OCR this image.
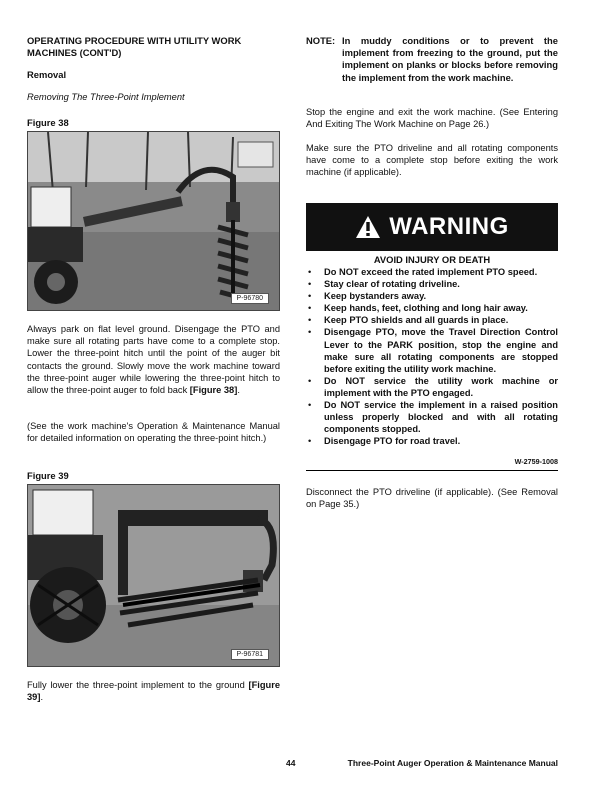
OPERATING PROCEDURE WITH UTILITY WORK MACHINES (CONT'D)

Removal

Removing The Three-Point Implement

Figure 38

P-96780

Always park on flat level ground. Disengage the PTO and make sure all rotating parts have come to a complete stop. Lower the three-point hitch until the point of the auger bit contacts the ground. Slowly move the work machine toward the three-point auger while lowering the three-point hitch to allow the three-point auger to fold back [Figure 38].

(See the work machine's Operation & Maintenance Manual for detailed information on operating the three-point hitch.)

Figure 39

P-96781

Fully lower the three-point implement to the ground [Figure 39].

NOTE: In muddy conditions or to prevent the implement from freezing to the ground, put the implement on planks or blocks before removing the implement from the work machine.

Stop the engine and exit the work machine. (See Entering And Exiting The Work Machine on Page 26.)

Make sure the PTO driveline and all rotating components have come to a complete stop before exiting the work machine (if applicable).

WARNING

AVOID INJURY OR DEATH

• Do NOT exceed the rated implement PTO speed.
• Stay clear of rotating driveline.
• Keep bystanders away.
• Keep hands, feet, clothing and long hair away.
• Keep PTO shields and all guards in place.
• Disengage PTO, move the Travel Direction Control Lever to the PARK position, stop the engine and make sure all rotating components are stopped before exiting the utility work machine.
• Do NOT service the utility work machine or implement with the PTO engaged.
• Do NOT service the implement in a raised position unless properly blocked and with all rotating components stopped.
• Disengage PTO for road travel.

W-2759-1008

Disconnect the PTO driveline (if applicable). (See Removal on Page 35.)

44	Three-Point Auger Operation & Maintenance Manual
